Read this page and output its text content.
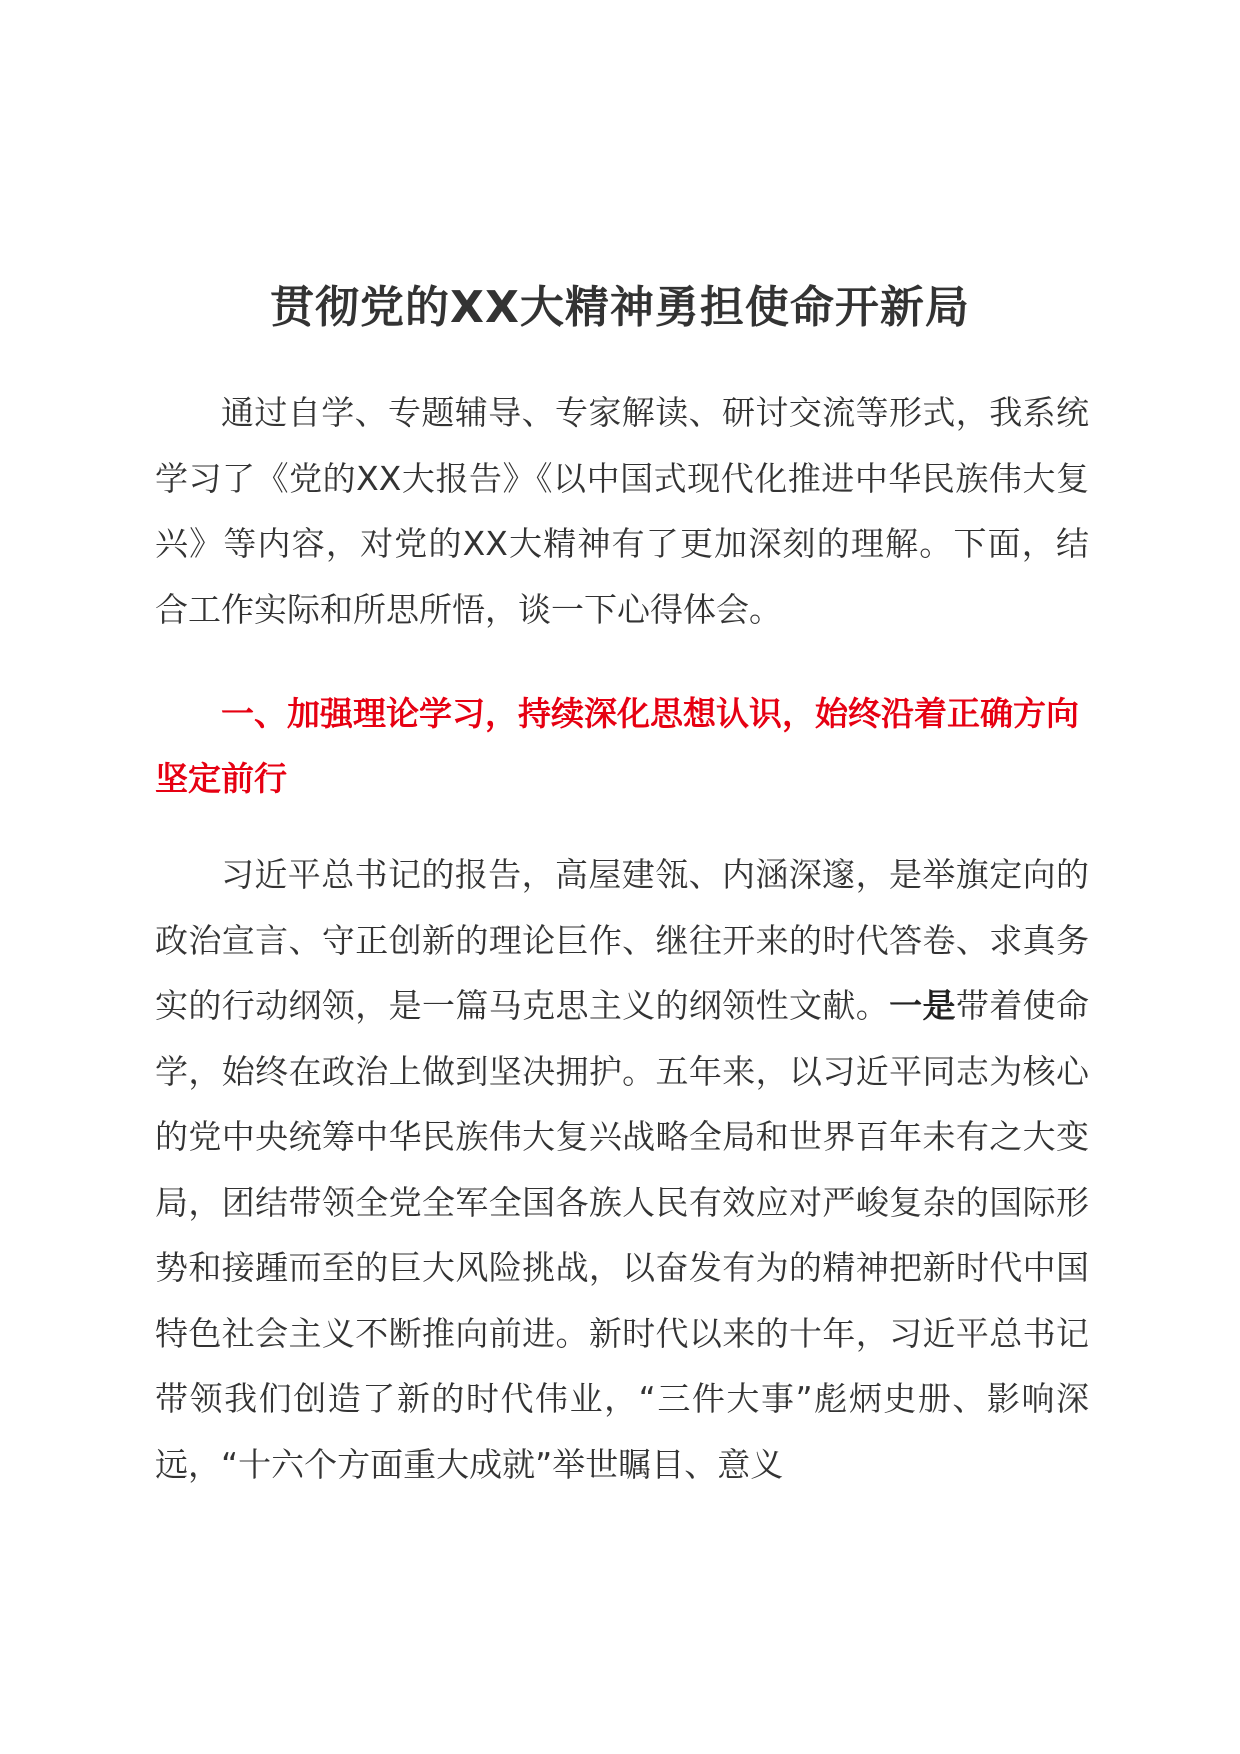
贯彻党的XX大精神勇担使命开新局

通过自学、专题辅导、专家解读、研讨交流等形式，我系统学习了《党的XX大报告》《以中国式现代化推进中华民族伟大复兴》等内容，对党的XX大精神有了更加深刻的理解。下面，结合工作实际和所思所悟，谈一下心得体会。

一、加强理论学习，持续深化思想认识，始终沿着正确方向坚定前行

习近平总书记的报告，高屋建瓴、内涵深邃，是举旗定向的政治宣言、守正创新的理论巨作、继往开来的时代答卷、求真务实的行动纲领，是一篇马克思主义的纲领性文献。一是带着使命学，始终在政治上做到坚决拥护。五年来，以习近平同志为核心的党中央统筹中华民族伟大复兴战略全局和世界百年未有之大变局，团结带领全党全军全国各族人民有效应对严峻复杂的国际形势和接踵而至的巨大风险挑战，以奋发有为的精神把新时代中国特色社会主义不断推向前进。新时代以来的十年，习近平总书记带领我们创造了新的时代伟业，“三件大事”彪炳史册、影响深远，“十六个方面重大成就”举世瞩目、意义
